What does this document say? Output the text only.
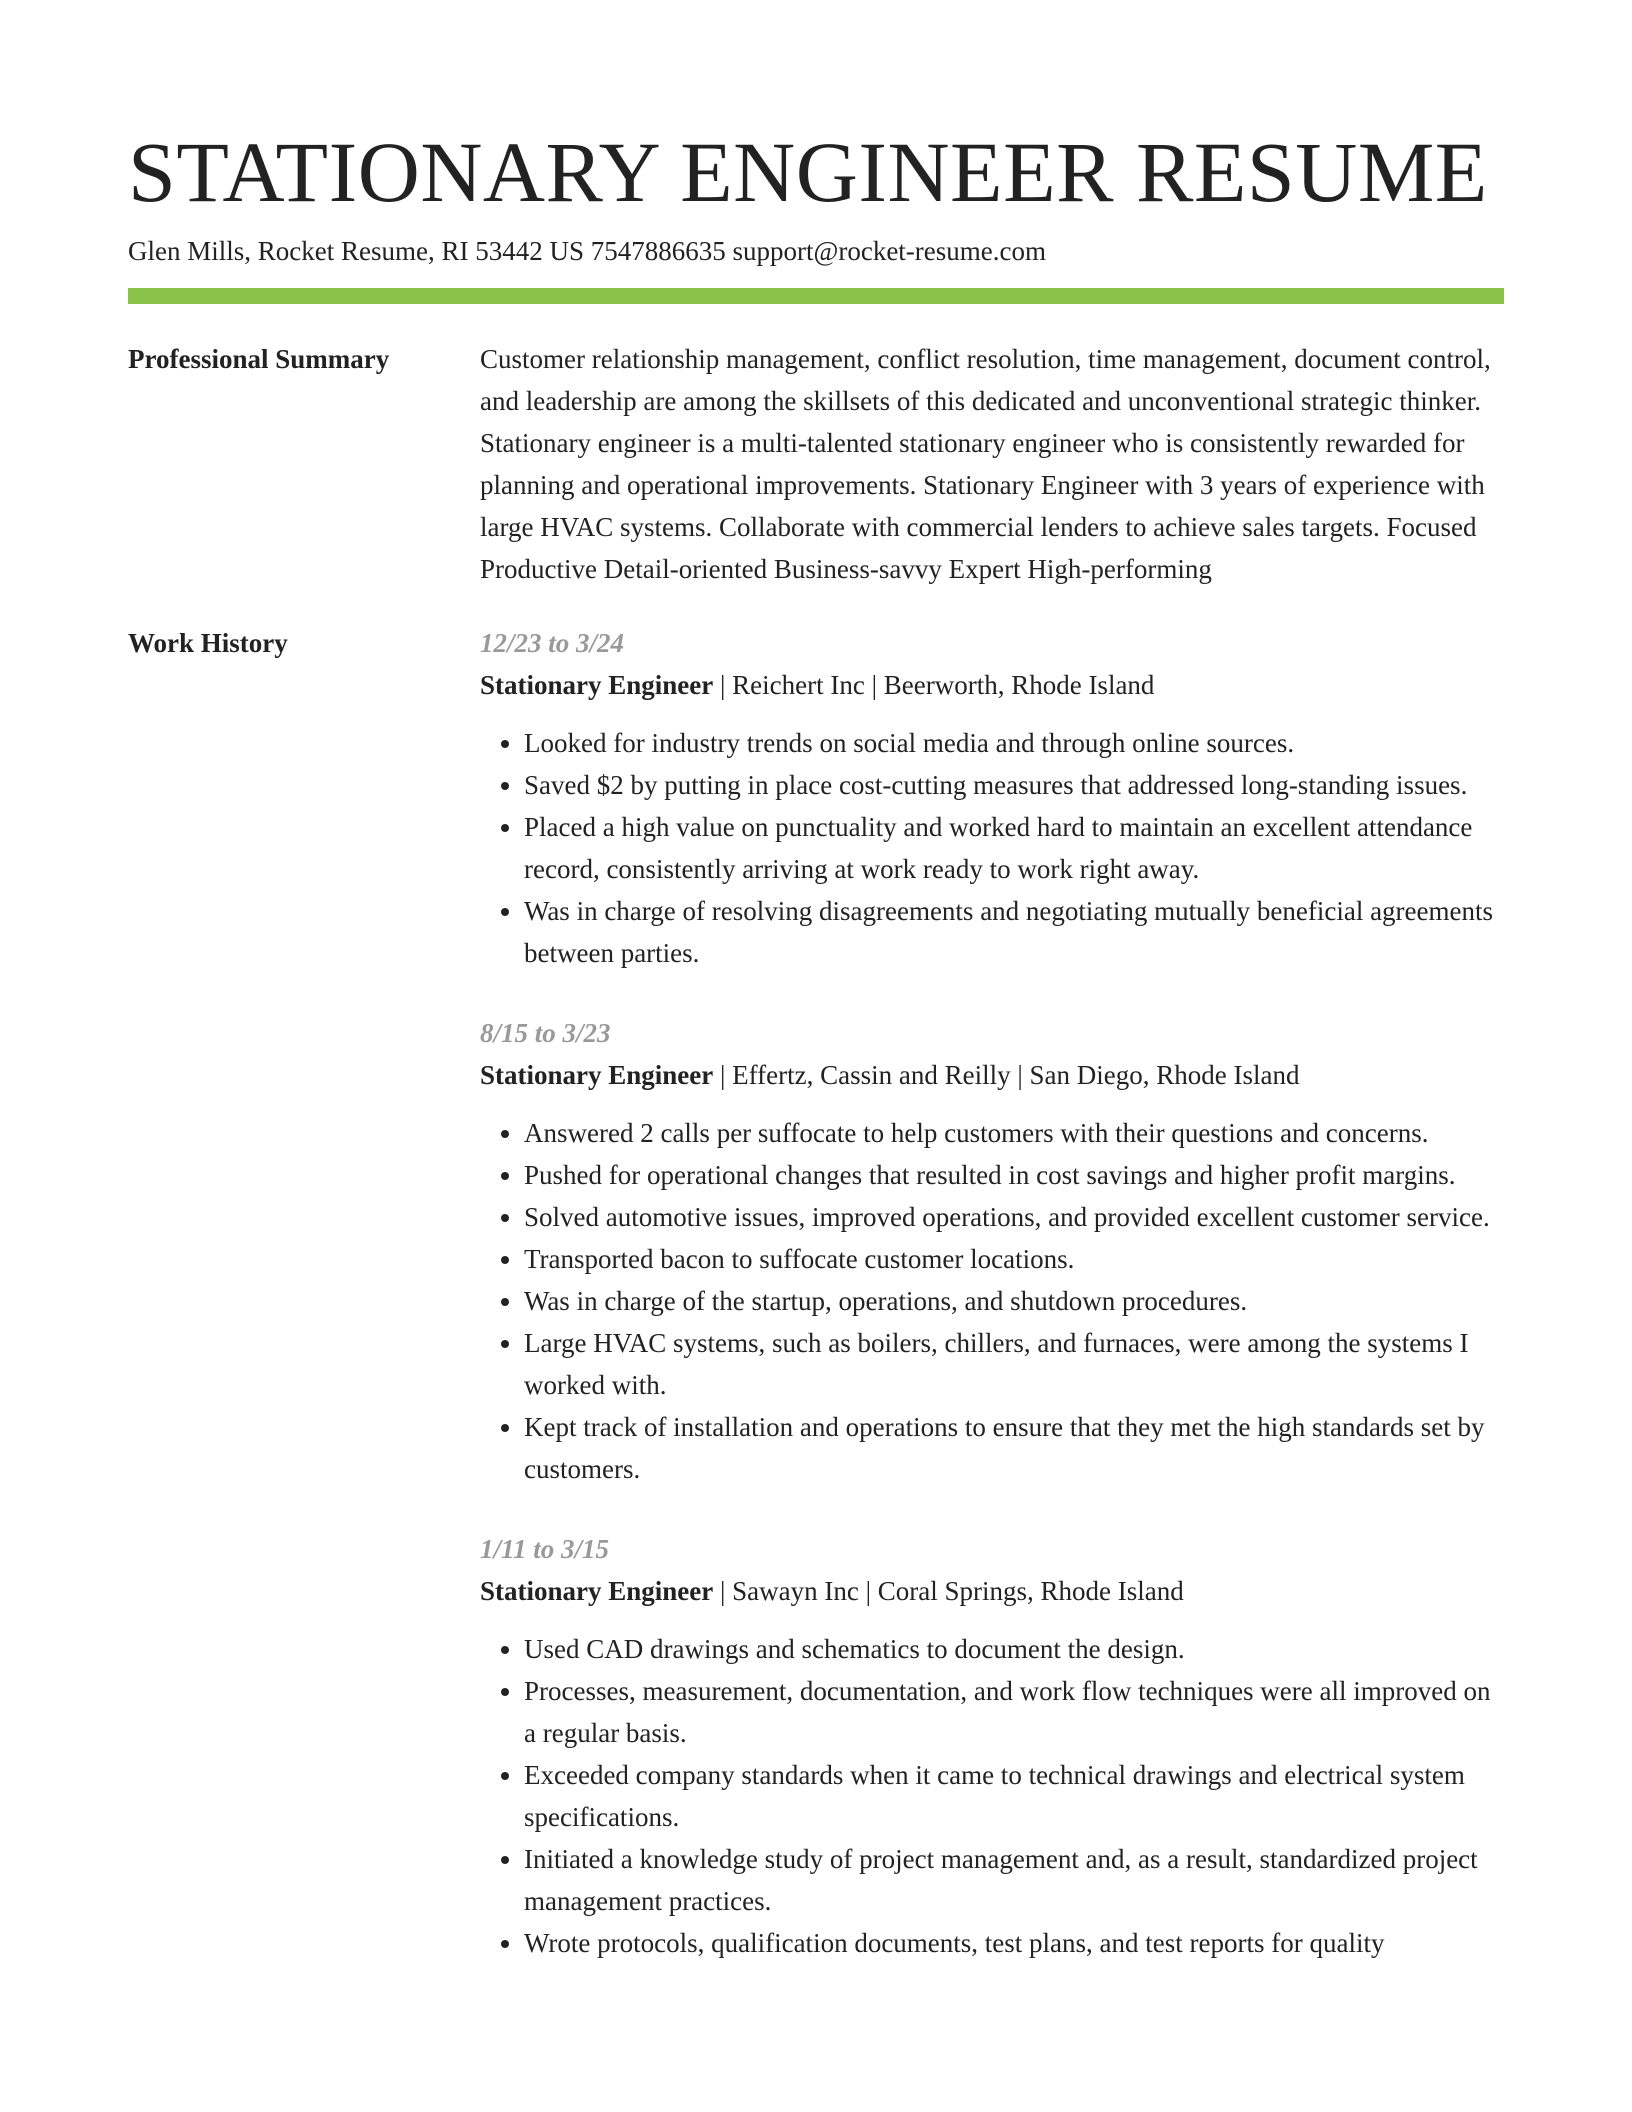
STATIONARY ENGINEER RESUME
Glen Mills, Rocket Resume, RI 53442 US 7547886635 support@rocket-resume.com
Professional Summary	Customer relationship management, conflict resolution, time management, document control, and leadership are among the skillsets of this dedicated and unconventional strategic thinker. Stationary engineer is a multi-talented stationary engineer who is consistently rewarded for planning and operational improvements. Stationary Engineer with 3 years of experience with large HVAC systems. Collaborate with commercial lenders to achieve sales targets. Focused Productive Detail-oriented Business-savvy Expert High-performing

Work History	12/23 to 3/24
Stationary Engineer | Reichert Inc | Beerworth, Rhode Island
• Looked for industry trends on social media and through online sources.
• Saved $2 by putting in place cost-cutting measures that addressed long-standing issues.
• Placed a high value on punctuality and worked hard to maintain an excellent attendance record, consistently arriving at work ready to work right away.
• Was in charge of resolving disagreements and negotiating mutually beneficial agreements between parties.
8/15 to 3/23
Stationary Engineer | Effertz, Cassin and Reilly | San Diego, Rhode Island
• Answered 2 calls per suffocate to help customers with their questions and concerns.
• Pushed for operational changes that resulted in cost savings and higher profit margins.
• Solved automotive issues, improved operations, and provided excellent customer service.
• Transported bacon to suffocate customer locations.
• Was in charge of the startup, operations, and shutdown procedures.
• Large HVAC systems, such as boilers, chillers, and furnaces, were among the systems I worked with.
• Kept track of installation and operations to ensure that they met the high standards set by customers.
1/11 to 3/15
Stationary Engineer | Sawayn Inc | Coral Springs, Rhode Island
• Used CAD drawings and schematics to document the design.
• Processes, measurement, documentation, and work flow techniques were all improved on a regular basis.
• Exceeded company standards when it came to technical drawings and electrical system specifications.
• Initiated a knowledge study of project management and, as a result, standardized project management practices.
• Wrote protocols, qualification documents, test plans, and test reports for quality
